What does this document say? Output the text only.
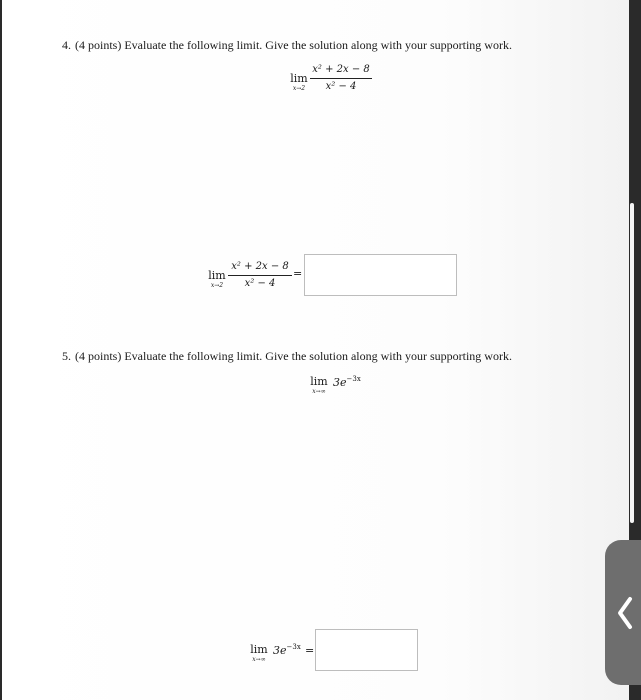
4. (4 points) Evaluate the following limit. Give the solution along with your supporting work.
lim
x→2
x² + 2x − 8
x² − 4
lim
x→2
x² + 2x − 8
x² − 4
=
5. (4 points) Evaluate the following limit. Give the solution along with your supporting work.
lim
x→∞
$3e^{-3x}$
lim
x→∞
$3e^{-3x}$ =
